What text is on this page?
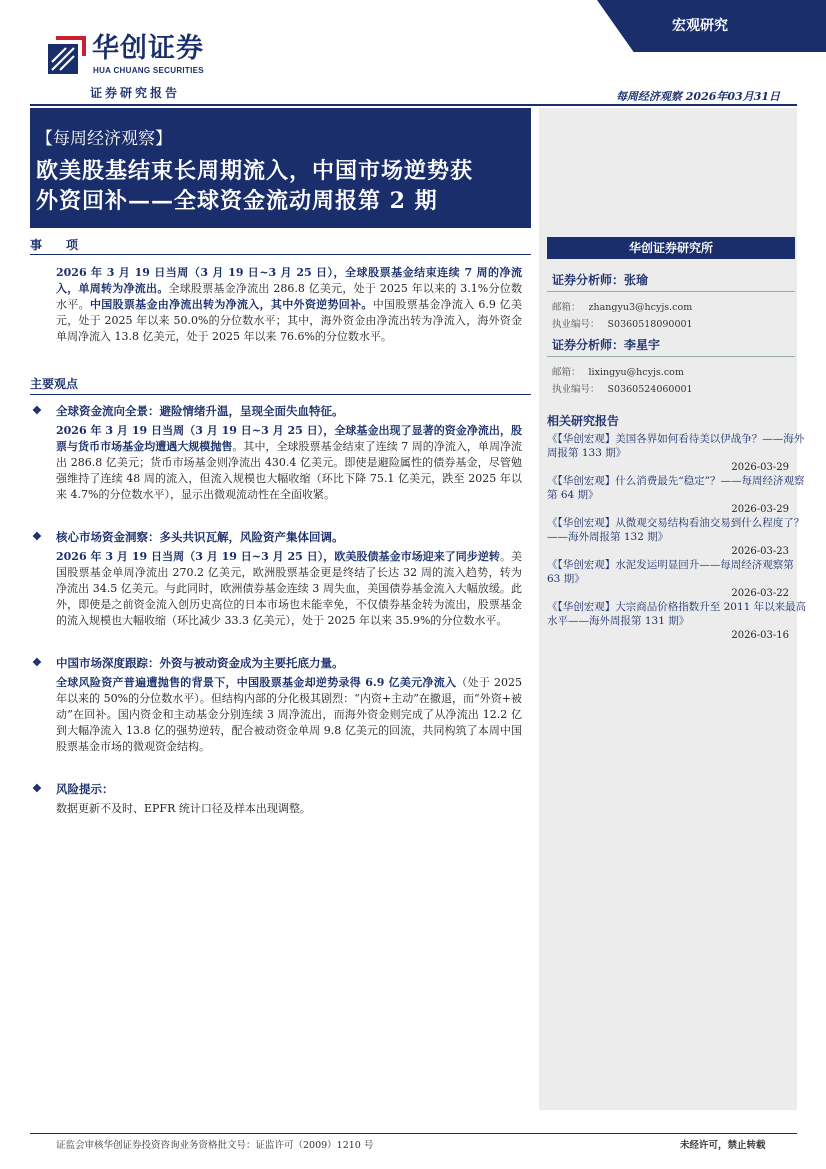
华创证券
HUA CHUANG SECURITIES
宏观研究
证券研究报告	每周经济观察 2026年03月31日
【每周经济观察】
欧美股基结束长周期流入，中国市场逆势获
外资回补——全球资金流动周报第 2 期
华创证券研究所
证券分析师：张瑜
邮箱： zhangyu3@hcyjs.com
执业编号： S0360518090001
证券分析师：李星宇
邮箱： lixingyu@hcyjs.com
执业编号： S0360524060001
相关研究报告
《【华创宏观】美国各界如何看待美以伊战争？——海外周报第 133 期》
2026-03-29
《【华创宏观】什么消费最先“稳定”？——每周经济观察第 64 期》
2026-03-29
《【华创宏观】从微观交易结构看油交易到什么程度了？——海外周报第 132 期》
2026-03-23
《【华创宏观】水泥发运明显回升——每周经济观察第 63 期》
2026-03-22
《【华创宏观】大宗商品价格指数升至 2011 年以来最高水平——海外周报第 131 期》
2026-03-16
事　　项
2026 年 3 月 19 日当周（3 月 19 日~3 月 25 日），全球股票基金结束连续 7 周的净流入，单周转为净流出。全球股票基金净流出 286.8 亿美元，处于 2025 年以来的 3.1%分位数水平。中国股票基金由净流出转为净流入，其中外资逆势回补。中国股票基金净流入 6.9 亿美元，处于 2025 年以来 50.0%的分位数水平；其中，海外资金由净流出转为净流入，海外资金单周净流入 13.8 亿美元，处于 2025 年以来 76.6%的分位数水平。
主要观点
❖ 全球资金流向全景：避险情绪升温，呈现全面失血特征。
2026 年 3 月 19 日当周（3 月 19 日~3 月 25 日），全球基金出现了显著的资金净流出，股票与货币市场基金均遭遇大规模抛售。其中，全球股票基金结束了连续 7 周的净流入，单周净流出 286.8 亿美元；货币市场基金则净流出 430.4 亿美元。即使是避险属性的债券基金，尽管勉强维持了连续 48 周的流入，但流入规模也大幅收缩（环比下降 75.1 亿美元，跌至 2025 年以来 4.7%的分位数水平），显示出微观流动性在全面收紧。
❖ 核心市场资金洞察：多头共识瓦解，风险资产集体回调。
2026 年 3 月 19 日当周（3 月 19 日~3 月 25 日），欧美股债基金市场迎来了同步逆转。美国股票基金单周净流出 270.2 亿美元，欧洲股票基金更是终结了长达 32 周的流入趋势，转为净流出 34.5 亿美元。与此同时，欧洲债券基金连续 3 周失血，美国债券基金流入大幅放缓。此外，即使是之前资金流入创历史高位的日本市场也未能幸免，不仅债券基金转为流出，股票基金的流入规模也大幅收缩（环比减少 33.3 亿美元），处于 2025 年以来 35.9%的分位数水平。
❖ 中国市场深度跟踪：外资与被动资金成为主要托底力量。
全球风险资产普遍遭抛售的背景下，中国股票基金却逆势录得 6.9 亿美元净流入（处于 2025 年以来的 50%的分位数水平）。但结构内部的分化极其剧烈：“内资+主动”在撤退，而“外资+被动”在回补。国内资金和主动基金分别连续 3 周净流出，而海外资金则完成了从净流出 12.2 亿到大幅净流入 13.8 亿的强势逆转，配合被动资金单周 9.8 亿美元的回流，共同构筑了本周中国股票基金市场的微观资金结构。
❖ 风险提示：
数据更新不及时、EPFR 统计口径及样本出现调整。
证监会审核华创证券投资咨询业务资格批文号：证监许可（2009）1210 号	未经许可，禁止转载
